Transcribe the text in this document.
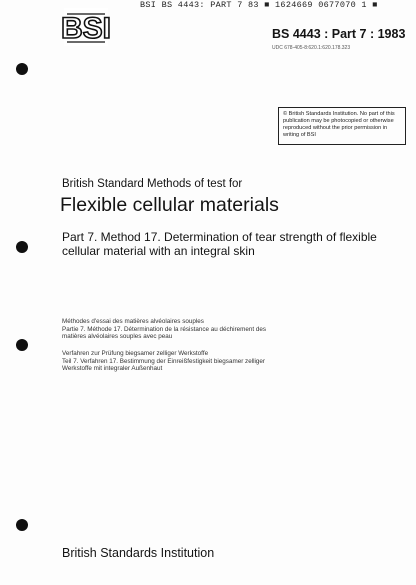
BSI BS 4443: PART 7 83 ■ 1624669 0677070 1 ■
BSI	BS 4443 : Part 7 : 1983
UDC 678-405-8:620.1:620.178.323
© British Standards Institution. No part of this publication may be photocopied or otherwise reproduced without the prior permission in writing of BSI
British Standard Methods of test for
Flexible cellular materials
Part 7. Method 17. Determination of tear strength of flexible cellular material with an integral skin
Méthodes d'essai des matières alvéolaires souples
Partie 7. Méthode 17. Détermination de la résistance au déchirement des
matières alvéolaires souples avec peau
Verfahren zur Prüfung biegsamer zelliger Werkstoffe
Teil 7. Verfahren 17. Bestimmung der Einreißfestigkeit biegsamer zelliger
Werkstoffe mit integraler Außenhaut
British Standards Institution
